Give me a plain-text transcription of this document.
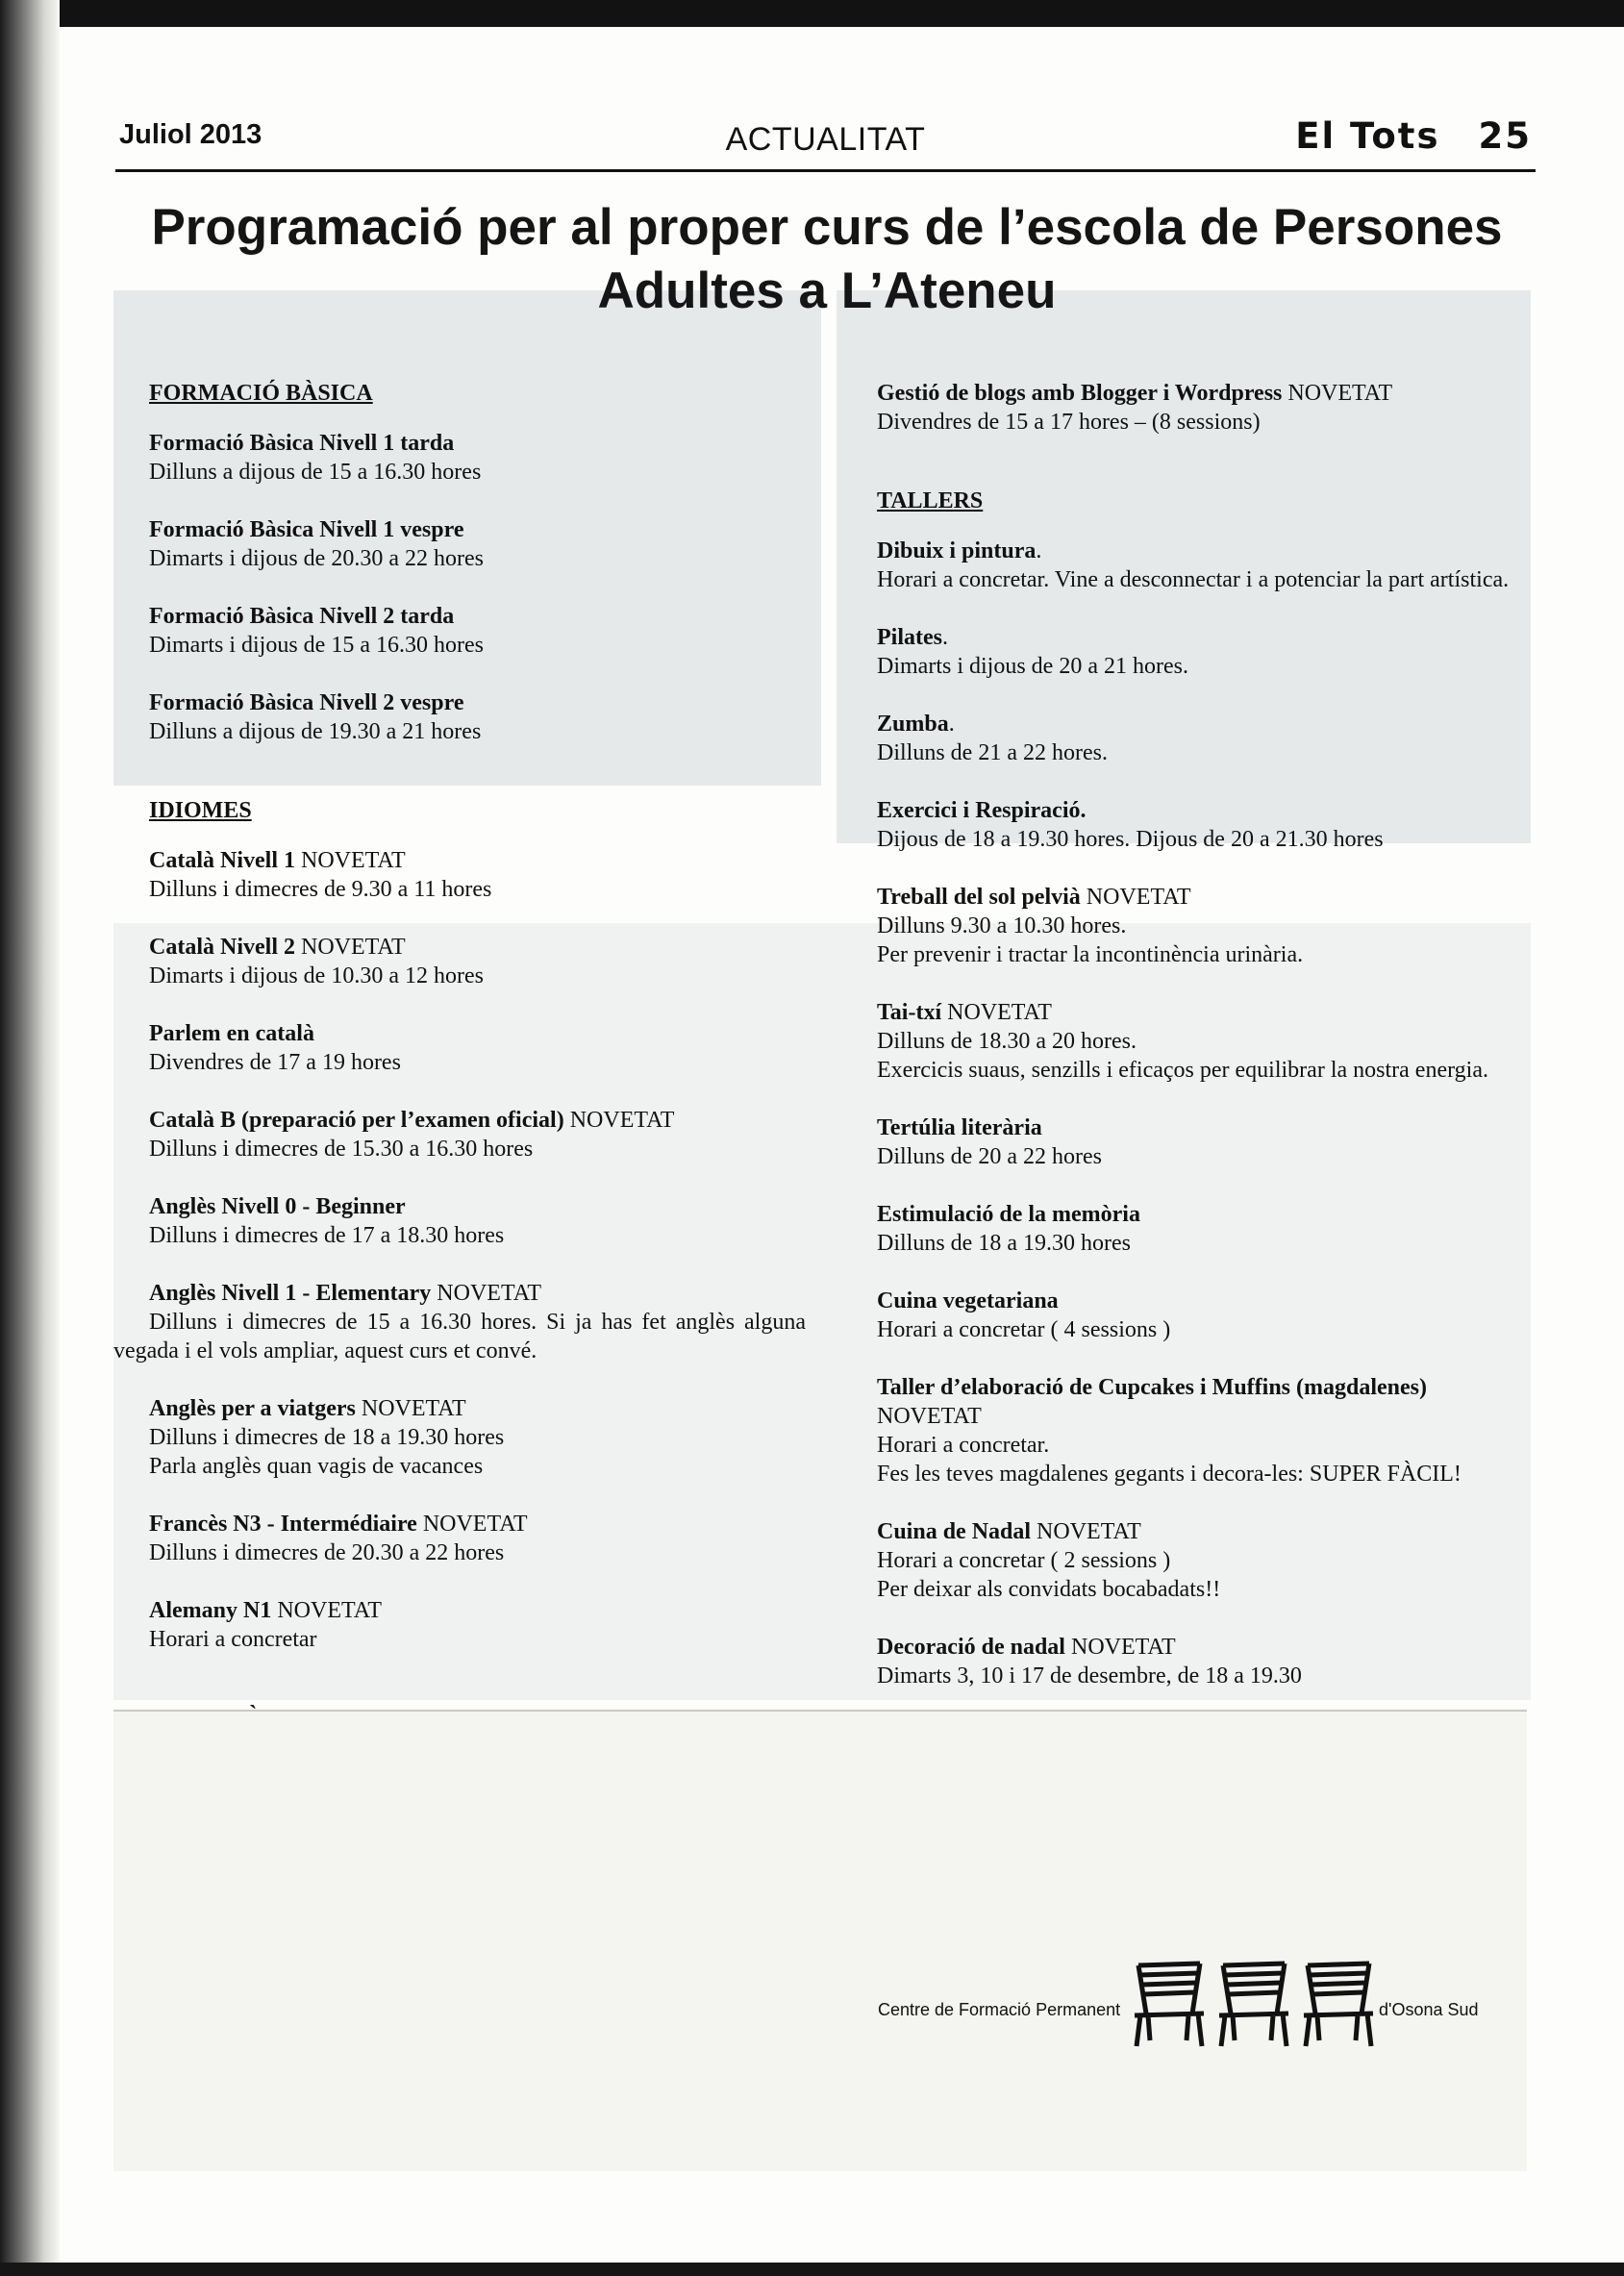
Juliol 2013	ACTUALITAT	El Tots 25
Programació per al proper curs de l’escola de Persones Adultes a L’Ateneu
FORMACIÓ BÀSICA
Formació Bàsica Nivell 1 tarda
Dilluns a dijous de 15 a 16.30 hores
Formació Bàsica Nivell 1 vespre
Dimarts i dijous de 20.30 a 22 hores
Formació Bàsica Nivell 2 tarda
Dimarts i dijous de 15 a 16.30 hores
Formació Bàsica Nivell 2 vespre
Dilluns a dijous de 19.30 a 21 hores
IDIOMES
Català Nivell 1 NOVETAT
Dilluns i dimecres de 9.30 a 11 hores
Català Nivell 2 NOVETAT
Dimarts i dijous de 10.30 a 12 hores
Parlem en català
Divendres de 17 a 19 hores
Català B (preparació per l’examen oficial) NOVETAT
Dilluns i dimecres de 15.30 a 16.30 hores
Anglès Nivell 0 - Beginner
Dilluns i dimecres de 17 a 18.30 hores
Anglès Nivell 1 - Elementary NOVETAT
Dilluns i dimecres de 15 a 16.30 hores. Si ja has fet anglès alguna vegada i el vols ampliar, aquest curs et convé.
Anglès per a viatgers NOVETAT
Dilluns i dimecres de 18 a 19.30 hores
Parla anglès quan vagis de vacances
Francès N3 - Intermédiaire NOVETAT
Dilluns i dimecres de 20.30 a 22 hores
Alemany N1 NOVETAT
Horari a concretar
Gestió de blogs amb Blogger i Wordpress NOVETAT
Divendres de 15 a 17 hores – (8 sessions)
TALLERS
Dibuix i pintura.
Horari a concretar. Vine a desconnectar i a potenciar la part artística.
Pilates.
Dimarts i dijous de 20 a 21 hores.
Zumba.
Dilluns de 21 a 22 hores.
Exercici i Respiració.
Dijous de 18 a 19.30 hores. Dijous de 20 a 21.30 hores
Treball del sol pelvià NOVETAT
Dilluns 9.30 a 10.30 hores.
Per prevenir i tractar la incontinència urinària.
Tai-txí NOVETAT
Dilluns de 18.30 a 20 hores.
Exercicis suaus, senzills i eficaços per equilibrar la nostra energia.
Tertúlia literària
Dilluns de 20 a 22 hores
Estimulació de la memòria
Dilluns de 18 a 19.30 hores
Cuina vegetariana
Horari a concretar ( 4 sessions )
Taller d’elaboració de Cupcakes i Muffins (magdalenes) NOVETAT
Horari a concretar.
Fes les teves magdalenes gegants i decora-les: SUPER FÀCIL!
Cuina de Nadal NOVETAT
Horari a concretar ( 2 sessions )
Per deixar als convidats bocabadats!!
Decoració de nadal NOVETAT
Dimarts 3, 10 i 17 de desembre, de 18 a 19.30
Centre de Formació Permanent	d'Osona Sud
